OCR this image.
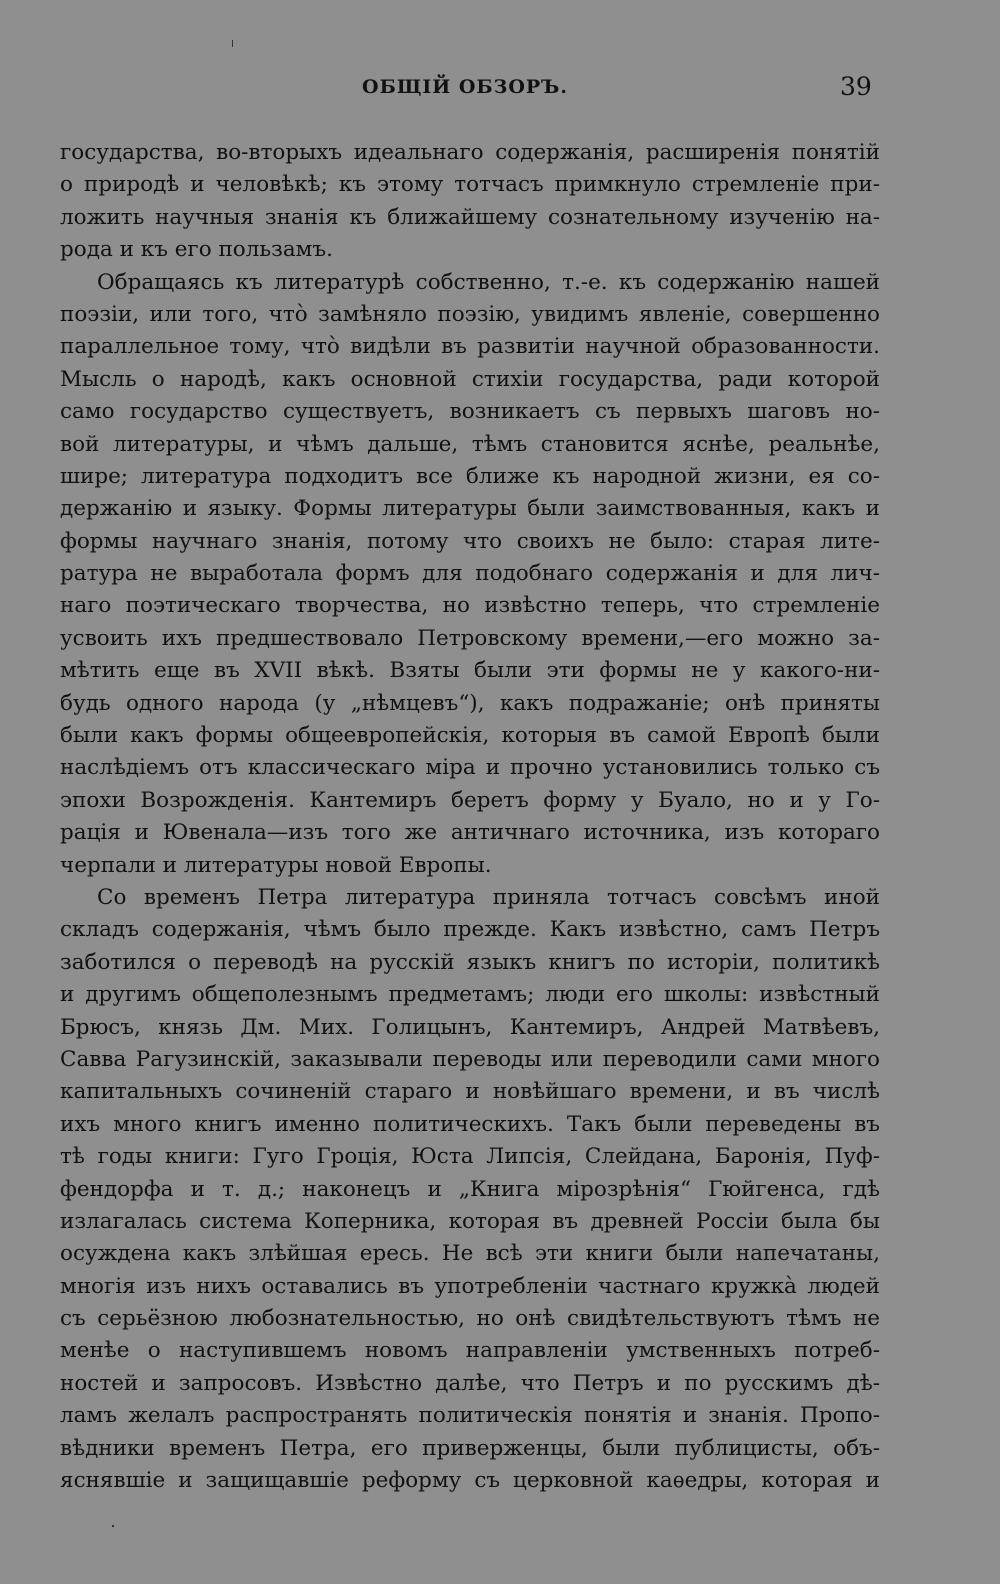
ОБЩІЙ ОБЗОРЪ.	39
государства, во-вторыхъ идеальнаго содержанія, расширенія понятій
о природѣ и человѣкѣ; къ этому тотчасъ примкнуло стремленіе при-
ложить научныя знанія къ ближайшему сознательному изученію на-
рода и къ его пользамъ.
Обращаясь къ литературѣ собственно, т.-е. къ содержанію нашей
поэзіи, или того, что̀ замѣняло поэзію, увидимъ явленіе, совершенно
параллельное тому, что̀ видѣли въ развитіи научной образованности.
Мысль о народѣ, какъ основной стихіи государства, ради которой
само государство существуетъ, возникаетъ съ первыхъ шаговъ но-
вой литературы, и чѣмъ дальше, тѣмъ становится яснѣе, реальнѣе,
шире; литература подходитъ все ближе къ народной жизни, ея со-
держанію и языку. Формы литературы были заимствованныя, какъ и
формы научнаго знанія, потому что своихъ не было: старая лите-
ратура не выработала формъ для подобнаго содержанія и для лич-
наго поэтическаго творчества, но извѣстно теперь, что стремленіе
усвоить ихъ предшествовало Петровскому времени,—его можно за-
мѣтить еще въ XVII вѣкѣ. Взяты были эти формы не у какого-ни-
будь одного народа (у „нѣмцевъ“), какъ подражаніе; онѣ приняты
были какъ формы общеевропейскія, которыя въ самой Европѣ были
наслѣдіемъ отъ классическаго міра и прочно установились только съ
эпохи Возрожденія. Кантемиръ беретъ форму у Буало, но и у Го-
рація и Ювенала—изъ того же античнаго источника, изъ котораго
черпали и литературы новой Европы.
Со временъ Петра литература приняла тотчасъ совсѣмъ иной
складъ содержанія, чѣмъ было прежде. Какъ извѣстно, самъ Петръ
заботился о переводѣ на русскій языкъ книгъ по исторіи, политикѣ
и другимъ общеполезнымъ предметамъ; люди его школы: извѣстный
Брюсъ, князь Дм. Мих. Голицынъ, Кантемиръ, Андрей Матвѣевъ,
Савва Рагузинскій, заказывали переводы или переводили сами много
капитальныхъ сочиненій стараго и новѣйшаго времени, и въ числѣ
ихъ много книгъ именно политическихъ. Такъ были переведены въ
тѣ годы книги: Гуго Гроція, Юста Липсія, Слейдана, Баронія, Пуф-
фендорфа и т. д.; наконецъ и „Книга мірозрѣнія“ Гюйгенса, гдѣ
излагалась система Коперника, которая въ древней Россіи была бы
осуждена какъ злѣйшая ересь. Не всѣ эти книги были напечатаны,
многія изъ нихъ оставались въ употребленіи частнаго кружка̀ людей
съ серьёзною любознательностью, но онѣ свидѣтельствуютъ тѣмъ не
менѣе о наступившемъ новомъ направленіи умственныхъ потреб-
ностей и запросовъ. Извѣстно далѣе, что Петръ и по русскимъ дѣ-
ламъ желалъ распространять политическія понятія и знанія. Пропо-
вѣдники временъ Петра, его приверженцы, были публицисты, объ-
яснявшіе и защищавшіе реформу съ церковной каѳедры, которая и
